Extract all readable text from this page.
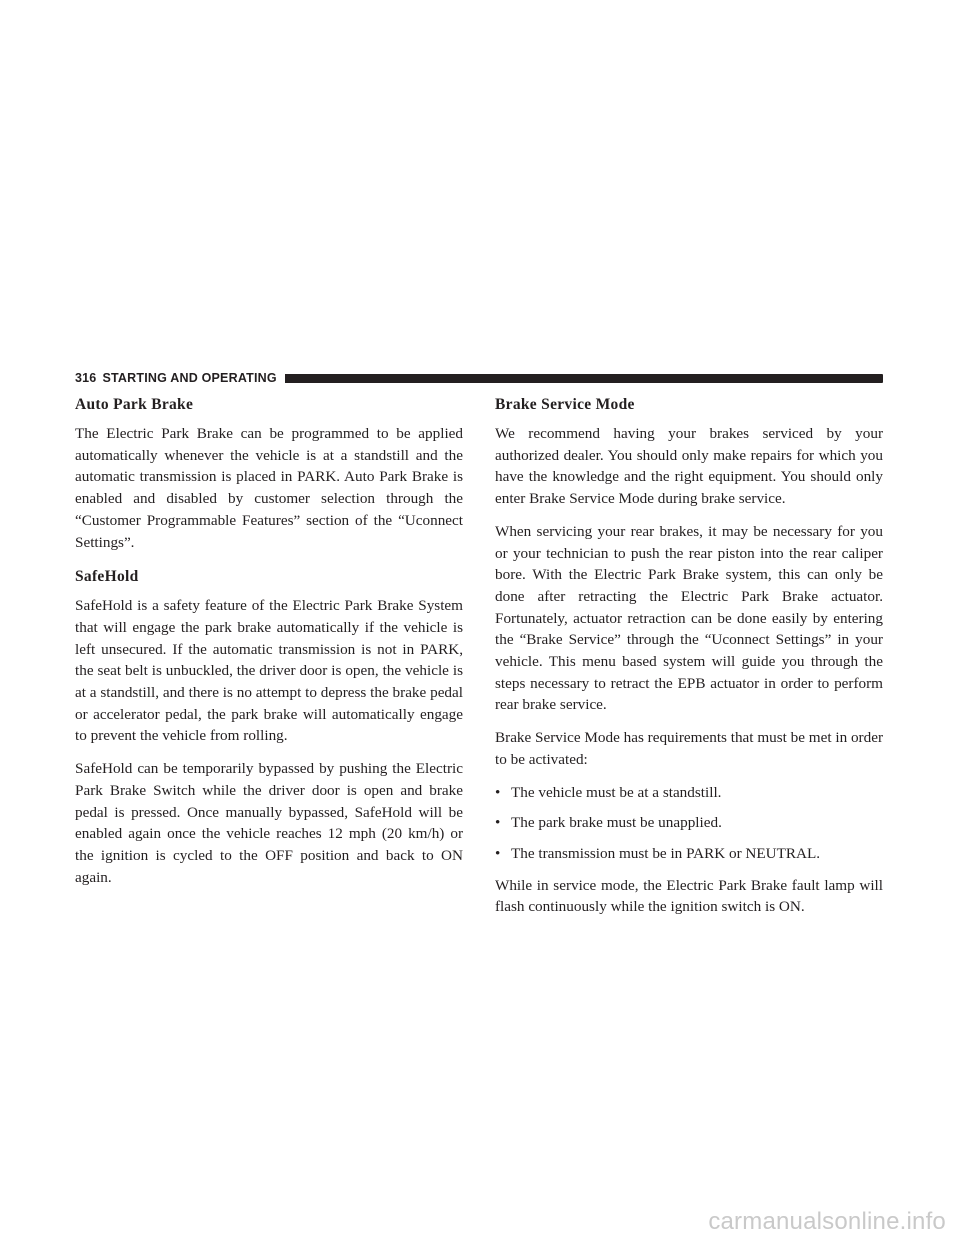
316 STARTING AND OPERATING
Auto Park Brake

The Electric Park Brake can be programmed to be applied automatically whenever the vehicle is at a standstill and the automatic transmission is placed in PARK. Auto Park Brake is enabled and disabled by customer selection through the “Customer Programmable Features” section of the “Uconnect Settings”.

SafeHold

SafeHold is a safety feature of the Electric Park Brake System that will engage the park brake automatically if the vehicle is left unsecured. If the automatic transmission is not in PARK, the seat belt is unbuckled, the driver door is open, the vehicle is at a standstill, and there is no attempt to depress the brake pedal or accelerator pedal, the park brake will automatically engage to prevent the vehicle from rolling.

SafeHold can be temporarily bypassed by pushing the Electric Park Brake Switch while the driver door is open and brake pedal is pressed. Once manually bypassed, SafeHold will be enabled again once the vehicle reaches 12 mph (20 km/h) or the ignition is cycled to the OFF position and back to ON again.

Brake Service Mode

We recommend having your brakes serviced by your authorized dealer. You should only make repairs for which you have the knowledge and the right equipment. You should only enter Brake Service Mode during brake service.

When servicing your rear brakes, it may be necessary for you or your technician to push the rear piston into the rear caliper bore. With the Electric Park Brake system, this can only be done after retracting the Electric Park Brake actuator. Fortunately, actuator retraction can be done easily by entering the “Brake Service” through the “Uconnect Settings” in your vehicle. This menu based system will guide you through the steps necessary to retract the EPB actuator in order to perform rear brake service.

Brake Service Mode has requirements that must be met in order to be activated:

• The vehicle must be at a standstill.
• The park brake must be unapplied.
• The transmission must be in PARK or NEUTRAL.

While in service mode, the Electric Park Brake fault lamp will flash continuously while the ignition switch is ON.

carmanualsonline.info
